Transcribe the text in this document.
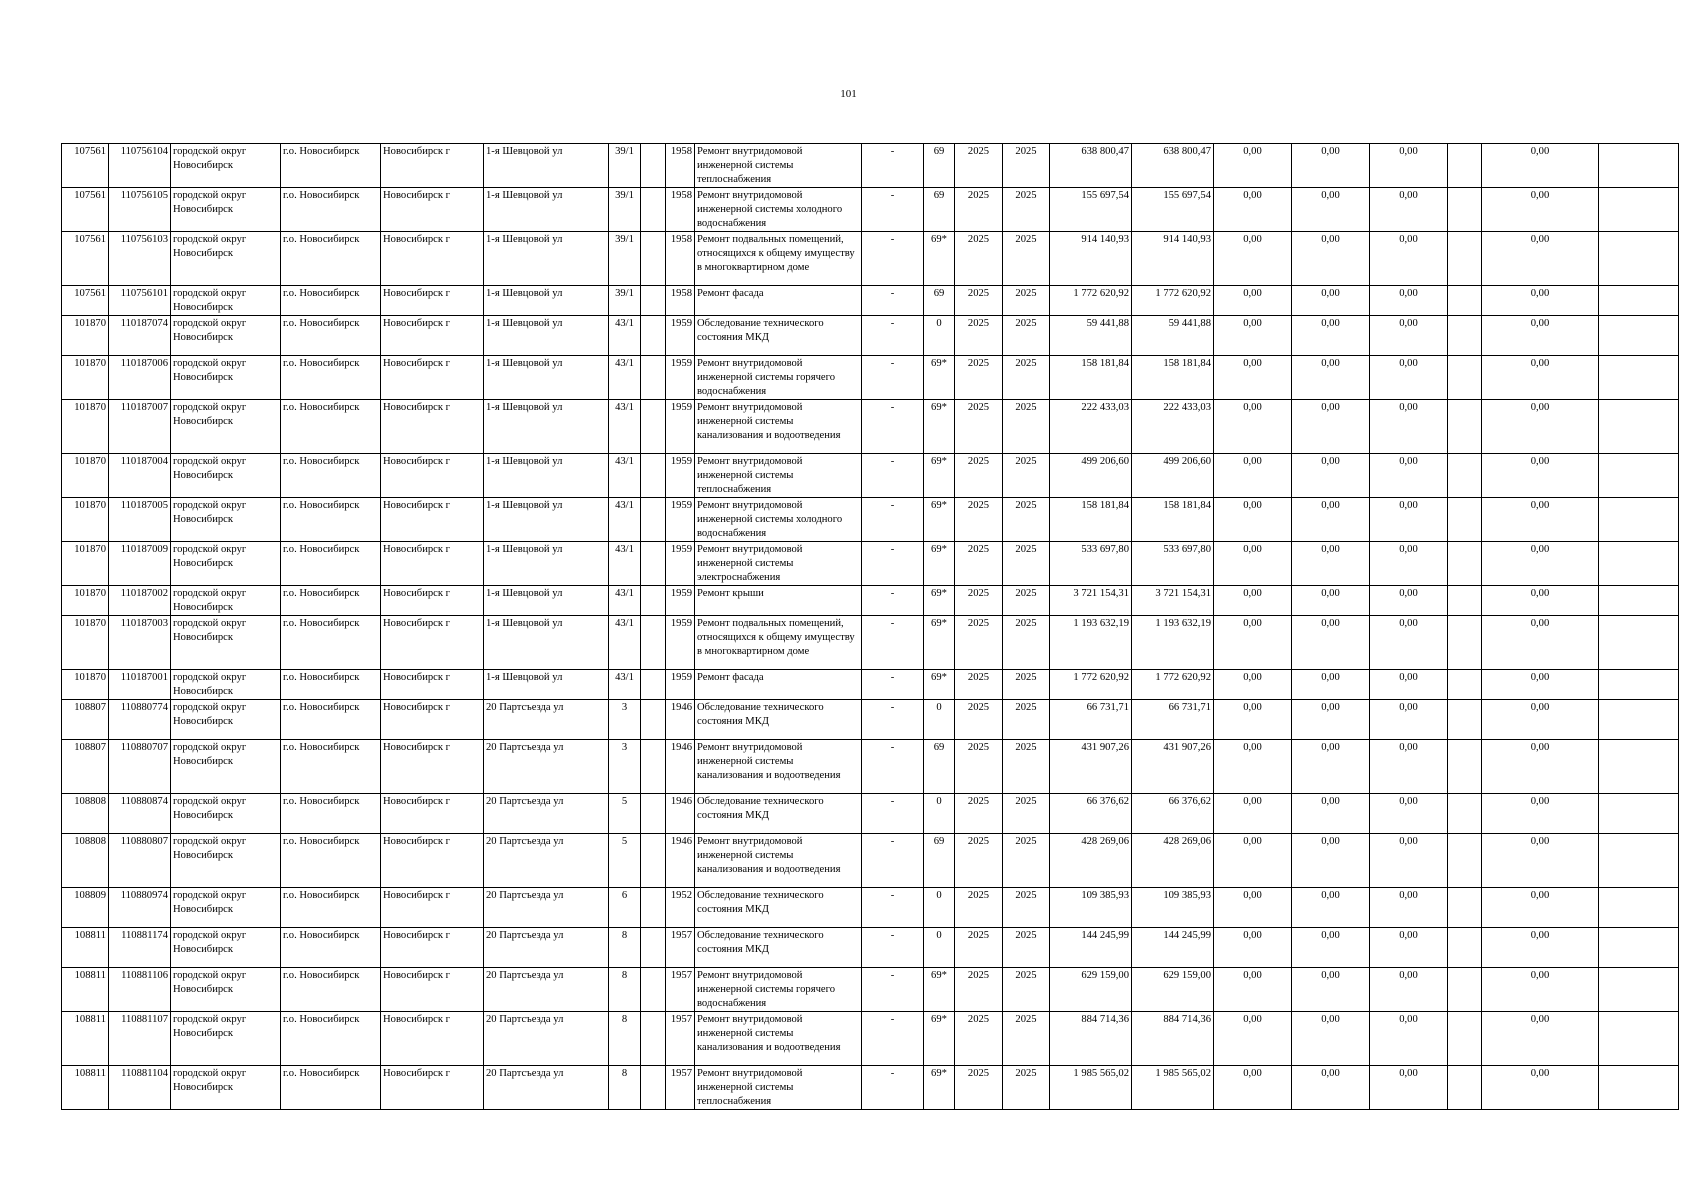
101
107561	110756104	городской округ Новосибирск	г.о. Новосибирск	Новосибирск г	1-я Шевцовой ул	39/1		1958	Ремонт внутридомовой инженерной системы теплоснабжения	-	69	2025	2025	638 800,47	638 800,47	0,00	0,00	0,00		0,00	
107561	110756105	городской округ Новосибирск	г.о. Новосибирск	Новосибирск г	1-я Шевцовой ул	39/1		1958	Ремонт внутридомовой инженерной системы холодного водоснабжения	-	69	2025	2025	155 697,54	155 697,54	0,00	0,00	0,00		0,00	
107561	110756103	городской округ Новосибирск	г.о. Новосибирск	Новосибирск г	1-я Шевцовой ул	39/1		1958	Ремонт подвальных помещений, относящихся к общему имуществу в многоквартирном доме	-	69*	2025	2025	914 140,93	914 140,93	0,00	0,00	0,00		0,00	
107561	110756101	городской округ Новосибирск	г.о. Новосибирск	Новосибирск г	1-я Шевцовой ул	39/1		1958	Ремонт фасада	-	69	2025	2025	1 772 620,92	1 772 620,92	0,00	0,00	0,00		0,00	
101870	110187074	городской округ Новосибирск	г.о. Новосибирск	Новосибирск г	1-я Шевцовой ул	43/1		1959	Обследование технического состояния МКД	-	0	2025	2025	59 441,88	59 441,88	0,00	0,00	0,00		0,00	
101870	110187006	городской округ Новосибирск	г.о. Новосибирск	Новосибирск г	1-я Шевцовой ул	43/1		1959	Ремонт внутридомовой инженерной системы горячего водоснабжения	-	69*	2025	2025	158 181,84	158 181,84	0,00	0,00	0,00		0,00	
101870	110187007	городской округ Новосибирск	г.о. Новосибирск	Новосибирск г	1-я Шевцовой ул	43/1		1959	Ремонт внутридомовой инженерной системы канализования и водоотведения	-	69*	2025	2025	222 433,03	222 433,03	0,00	0,00	0,00		0,00	
101870	110187004	городской округ Новосибирск	г.о. Новосибирск	Новосибирск г	1-я Шевцовой ул	43/1		1959	Ремонт внутридомовой инженерной системы теплоснабжения	-	69*	2025	2025	499 206,60	499 206,60	0,00	0,00	0,00		0,00	
101870	110187005	городской округ Новосибирск	г.о. Новосибирск	Новосибирск г	1-я Шевцовой ул	43/1		1959	Ремонт внутридомовой инженерной системы холодного водоснабжения	-	69*	2025	2025	158 181,84	158 181,84	0,00	0,00	0,00		0,00	
101870	110187009	городской округ Новосибирск	г.о. Новосибирск	Новосибирск г	1-я Шевцовой ул	43/1		1959	Ремонт внутридомовой инженерной системы электроснабжения	-	69*	2025	2025	533 697,80	533 697,80	0,00	0,00	0,00		0,00	
101870	110187002	городской округ Новосибирск	г.о. Новосибирск	Новосибирск г	1-я Шевцовой ул	43/1		1959	Ремонт крыши	-	69*	2025	2025	3 721 154,31	3 721 154,31	0,00	0,00	0,00		0,00	
101870	110187003	городской округ Новосибирск	г.о. Новосибирск	Новосибирск г	1-я Шевцовой ул	43/1		1959	Ремонт подвальных помещений, относящихся к общему имуществу в многоквартирном доме	-	69*	2025	2025	1 193 632,19	1 193 632,19	0,00	0,00	0,00		0,00	
101870	110187001	городской округ Новосибирск	г.о. Новосибирск	Новосибирск г	1-я Шевцовой ул	43/1		1959	Ремонт фасада	-	69*	2025	2025	1 772 620,92	1 772 620,92	0,00	0,00	0,00		0,00	
108807	110880774	городской округ Новосибирск	г.о. Новосибирск	Новосибирск г	20 Партсъезда ул	3		1946	Обследование технического состояния МКД	-	0	2025	2025	66 731,71	66 731,71	0,00	0,00	0,00		0,00	
108807	110880707	городской округ Новосибирск	г.о. Новосибирск	Новосибирск г	20 Партсъезда ул	3		1946	Ремонт внутридомовой инженерной системы канализования и водоотведения	-	69	2025	2025	431 907,26	431 907,26	0,00	0,00	0,00		0,00	
108808	110880874	городской округ Новосибирск	г.о. Новосибирск	Новосибирск г	20 Партсъезда ул	5		1946	Обследование технического состояния МКД	-	0	2025	2025	66 376,62	66 376,62	0,00	0,00	0,00		0,00	
108808	110880807	городской округ Новосибирск	г.о. Новосибирск	Новосибирск г	20 Партсъезда ул	5		1946	Ремонт внутридомовой инженерной системы канализования и водоотведения	-	69	2025	2025	428 269,06	428 269,06	0,00	0,00	0,00		0,00	
108809	110880974	городской округ Новосибирск	г.о. Новосибирск	Новосибирск г	20 Партсъезда ул	6		1952	Обследование технического состояния МКД	-	0	2025	2025	109 385,93	109 385,93	0,00	0,00	0,00		0,00	
108811	110881174	городской округ Новосибирск	г.о. Новосибирск	Новосибирск г	20 Партсъезда ул	8		1957	Обследование технического состояния МКД	-	0	2025	2025	144 245,99	144 245,99	0,00	0,00	0,00		0,00	
108811	110881106	городской округ Новосибирск	г.о. Новосибирск	Новосибирск г	20 Партсъезда ул	8		1957	Ремонт внутридомовой инженерной системы горячего водоснабжения	-	69*	2025	2025	629 159,00	629 159,00	0,00	0,00	0,00		0,00	
108811	110881107	городской округ Новосибирск	г.о. Новосибирск	Новосибирск г	20 Партсъезда ул	8		1957	Ремонт внутридомовой инженерной системы канализования и водоотведения	-	69*	2025	2025	884 714,36	884 714,36	0,00	0,00	0,00		0,00	
108811	110881104	городской округ Новосибирск	г.о. Новосибирск	Новосибирск г	20 Партсъезда ул	8		1957	Ремонт внутридомовой инженерной системы теплоснабжения	-	69*	2025	2025	1 985 565,02	1 985 565,02	0,00	0,00	0,00		0,00	
